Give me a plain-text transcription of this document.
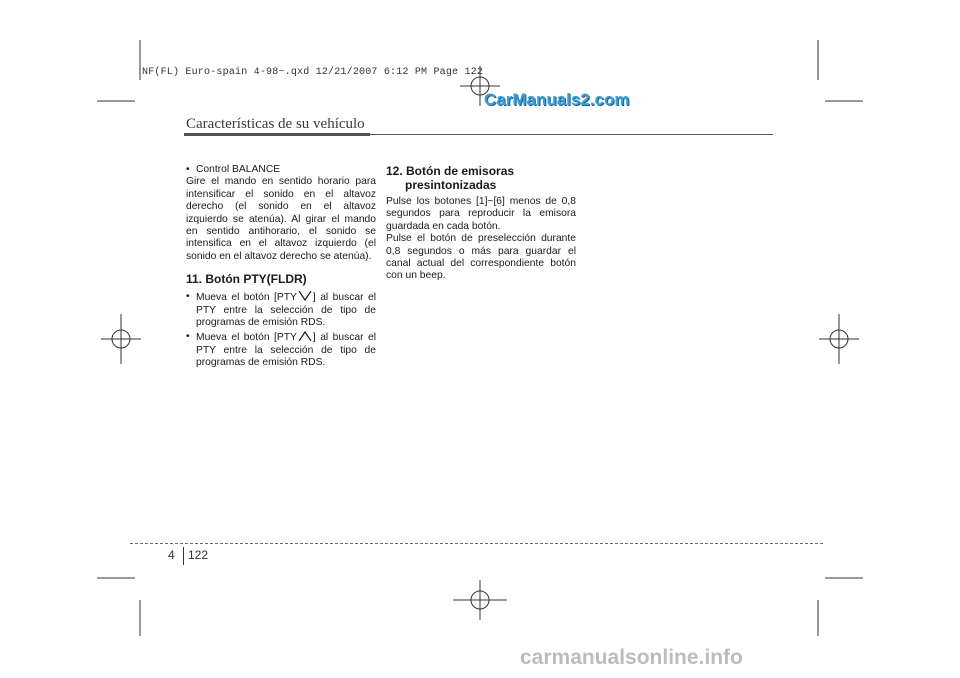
NF(FL) Euro-spain 4-98~.qxd 12/21/2007 6:12 PM Page 122
CarManuals2.com
Características de su vehículo

• Control BALANCE

Gire el mando en sentido horario para intensificar el sonido en el altavoz derecho (el sonido en el altavoz izquierdo se atenúa). Al girar el mando en sentido antihorario, el sonido se intensifica en el altavoz izquierdo (el sonido en el altavoz derecho se atenúa).

11. Botón PTY(FLDR)

• Mueva el botón [PTY ] al buscar el PTY entre la selección de tipo de programas de emisión RDS.

• Mueva el botón [PTY ] al buscar el PTY entre la selección de tipo de programas de emisión RDS.

12. Botón de emisoras
presintonizadas

Pulse los botones [1]~[6] menos de 0,8 segundos para reproducir la emisora guardada en cada botón.

Pulse el botón de preselección durante 0,8 segundos o más para guardar el canal actual del correspondiente botón con un beep.

4 122
carmanualsonline.info
